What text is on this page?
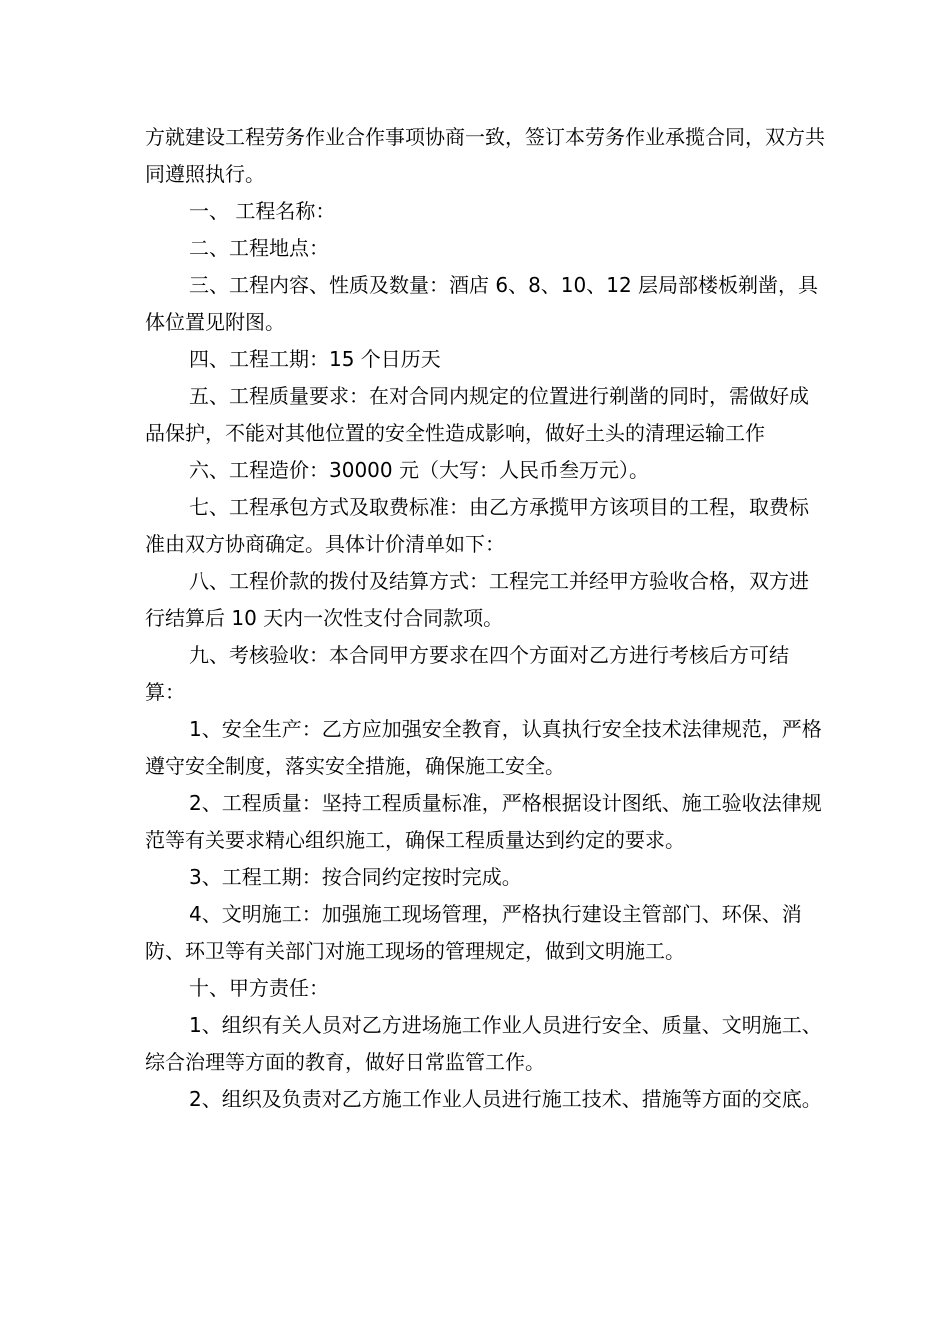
方就建设工程劳务作业合作事项协商一致，签订本劳务作业承揽合同，双方共同遵照执行。

一、 工程名称：

二、工程地点：

三、工程内容、性质及数量：酒店 6、8、10、12 层局部楼板剃凿，具体位置见附图。

四、工程工期：15 个日历天

五、工程质量要求：在对合同内规定的位置进行剃凿的同时，需做好成品保护，不能对其他位置的安全性造成影响，做好土头的清理运输工作

六、工程造价：30000 元（大写：人民币叁万元）。

七、工程承包方式及取费标准：由乙方承揽甲方该项目的工程，取费标准由双方协商确定。具体计价清单如下：

八、工程价款的拨付及结算方式：工程完工并经甲方验收合格，双方进行结算后 10 天内一次性支付合同款项。

九、考核验收：本合同甲方要求在四个方面对乙方进行考核后方可结算：

1、安全生产：乙方应加强安全教育，认真执行安全技术法律规范，严格遵守安全制度，落实安全措施，确保施工安全。

2、工程质量：坚持工程质量标准，严格根据设计图纸、施工验收法律规范等有关要求精心组织施工，确保工程质量达到约定的要求。

3、工程工期：按合同约定按时完成。

4、文明施工：加强施工现场管理，严格执行建设主管部门、环保、消防、环卫等有关部门对施工现场的管理规定，做到文明施工。

十、甲方责任：

1、组织有关人员对乙方进场施工作业人员进行安全、质量、文明施工、综合治理等方面的教育，做好日常监管工作。

2、组织及负责对乙方施工作业人员进行施工技术、措施等方面的交底。
